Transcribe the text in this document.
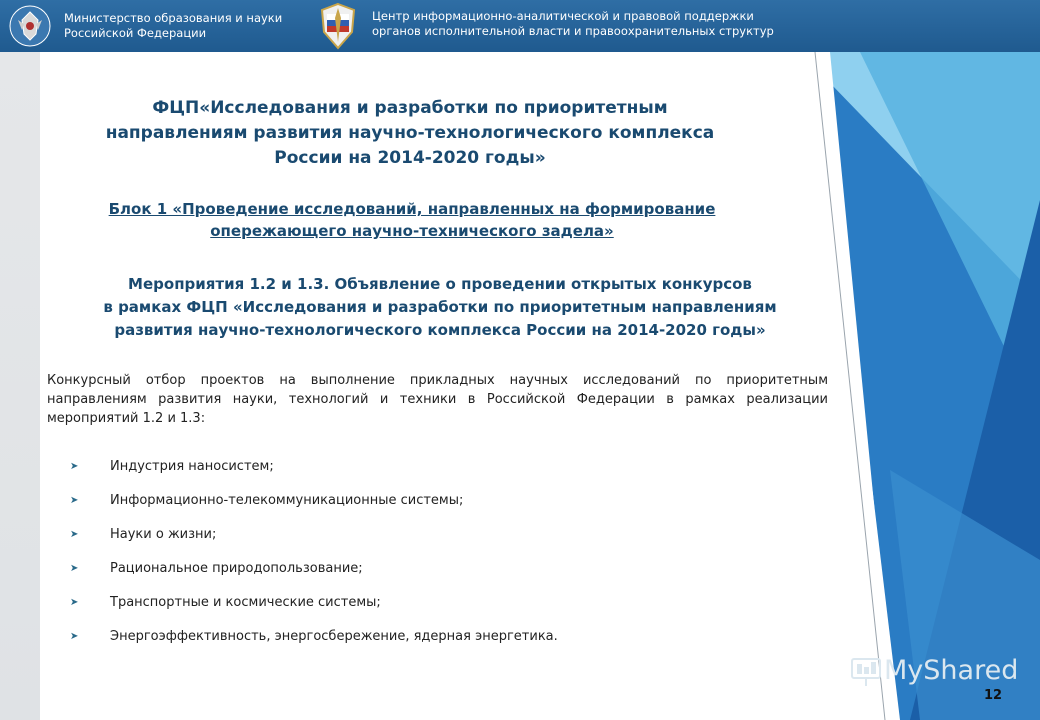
Министерство образования и науки
Российской Федерации
Центр информационно-аналитической и правовой поддержки
органов исполнительной власти и правоохранительных структур
ФЦП«Исследования и разработки по приоритетным
направлениям развития научно-технологического комплекса
России на 2014-2020 годы»
Блок 1 «Проведение исследований, направленных на формирование
опережающего научно-технического задела»
Мероприятия 1.2 и 1.3. Объявление о проведении открытых конкурсов
в рамках ФЦП «Исследования и разработки по приоритетным направлениям
развития научно-технологического комплекса России на 2014-2020 годы»
Конкурсный отбор проектов на выполнение прикладных научных исследований по приоритетным направлениям развития науки, технологий и техники в Российской Федерации в рамках реализации мероприятий 1.2 и 1.3:
➤	Индустрия наносистем;
➤	Информационно-телекоммуникационные системы;
➤	Науки о жизни;
➤	Рациональное природопользование;
➤	Транспортные и космические системы;
➤	Энергоэффективность, энергосбережение, ядерная энергетика.
MyShared
12
